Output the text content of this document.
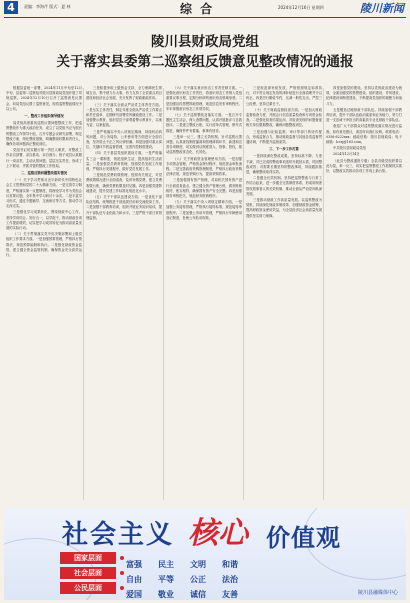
4	责编：李海芹 版式：夏 林	综 合	2024年12月16日 星期四	陵川新闻
陵川县财政局党组
关于落实县委第二巡察组反馈意见整改情况的通报

根据县委统一部署，2024年11月中旬至12月中旬，县委第二巡察组对陵川县财政局党组开展了常规巡察。2024年12月10日召开了巡察意见反馈会，向局党组反馈了巡察意见。现将巡察整改情况予以公布。

一、整改工作组织领导情况

局党组高度重视巡察反馈问题整改工作，把巡察整改作为重大政治任务，成立了以党组书记为组长的整改工作领导小组，召开专题会议研究部署，制定整改方案，细化整改措施，明确整改时限和责任人，确保各项问题真正整改到位。

党组书记切实履行第一责任人职责，对整改工作亲自部署、亲自推动、亲自督办；班子成员认真履行一岗双责，主动认领问题，层层压实责任，形成了上下联动、齐抓共管的整改工作格局。

二、巡察反馈问题整改落实情况

（一）关于学习贯彻习近平新时代中国特色社会主义思想和党的二十大精神方面。一是完善学习制度，严格落实第一议题制度，将理论学习作为党组会议首要议题，全年集中学习研讨十余次。二是丰富学习形式，通过专题辅导、交流研讨等方式，推动学习走深走实。

三是强化学习成果转化，围绕财政中心工作，坚持学用结合、知行合一，以学促干，推动财政各项工作提质增效，切实把学习成效转化为推动高质量发展的实际行动。

（二）关于贯彻落实党中央决策部署和上级党组织工作要求方面。一是加强预算管理，严格执行预算法，规范预算编制和执行。二是强化财政资金监管，建立健全资金监管机制，确保资金安全高效运行。

三是积极争取上级资金支持，全力保障民生领域支出，集中财力办大事，有力支持了全县重点项目建设和经济社会发展，充分发挥了财政职能作用。

（三）关于落实全面从严治党主体责任方面。一是压实主体责任，制定年度全面从严治党工作要点和责任清单，定期研究部署党风廉政建设工作。二是加强警示教育，组织党员干部观看警示教育片，以案为鉴、以案促改。

三是严格落实中央八项规定精神，持续纠治四风问题，对公务接待、公车使用等方面进行全面自查，坚决防止不正之风反弹回潮。四是加强对重点岗位、关键环节的监督管理，完善内控制度建设。

（四）关于基层党组织建设方面。一是严格落实三会一课制度，规范组织生活，提高组织生活质量。二是加强党员教育管理，按照党员发展工作细则，严格执行发展程序，做好党员发展工作。

三是规范党费收缴管理，按照有关规定，对党费收缴情况进行全面清查，及时补缴党费，建立党费收缴台账，确保党费收缴及时足额。四是加强党建阵地建设，提升党建工作标准化规范化水平。

（五）关于干部队伍建设方面。一是优化干部队伍结构，统筹推进干部选拔任用和交流轮岗工作。二是加强干部教育培训，组织开展业务知识培训，提升干部队伍专业化能力和水平。三是严格干部日常管理监督。

（六）关于落实意识形态工作责任制方面。一是强化意识形态工作责任，将意识形态工作纳入党组重要议事日程，定期分析研判意识形态领域形势。二是加强宣传思想阵地管理，规范信息发布审核程序，牢牢掌握意识形态工作领导权。

（七）关于巡察整改及落实方面。一是召开专题民主生活会，深入查摆问题，认真开展批评与自我批评。二是建立整改台账，实行清单式管理、销号式推进，确保件件有着落、事事有回音。

三是举一反三，建立长效机制。针对巡察反馈问题，认真查找制度漏洞和管理薄弱环节，新建和完善各项制度，切实做到以制度管人、管事、管权，推动巡察整改常态化、长效化。

（八）关于财政资金管理使用方面。一是加强专项资金管理，严格资金拨付程序，规范资金审批流程。二是完善政府采购管理制度，严格执行政府采购法律法规，规范采购行为，提高采购效率。

三是加强国有资产管理，对局机关国有资产进行全面清查盘点，建立健全资产管理台账，做到账账相符、账实相符，确保国有资产安全完整。四是加强财务审核把关，规范财务报销程序。

（九）关于落实中央八项规定精神方面。一是加强公务接待管理，严格执行接待标准，规范接待审批程序。二是加强公务用车管理，严格执行车辆使用登记制度，杜绝公车私用现象。

三是规范津补贴发放，严格按照规定标准执行，对不符合规定发放的津补贴进行全面清理并予以纠正。四是厉行勤俭节约，压减一般性支出，严控三公经费，坚持过紧日子。

（十）关于财政监督检查方面。一是加大财政监督检查力度，开展会计信息质量检查和专项资金检查。二是强化检查结果运用，对检查发现的问题督促相关单位限期整改，确保问题整改到位。

三是加强与纪检监察、审计等部门的协作配合，形成监督合力，推动财政监督与其他各类监督贯通协调，不断提升监督质效。

三、下一步工作打算

一是持续深化整改成果。坚持标准不降、力度不减，对已完成的整改事项适时开展回头看，巩固整改成效；对需要长期坚持的整改事项，持续跟踪推进，确保整改取得实效。

二是健全长效机制。坚持把巡察整改与日常工作结合起来，进一步健全完善制度体系，形成用制度管权管事管人的长效机制，推动全面从严治党向纵深发展。

三是推动财政工作高质量发展。以巡察整改为契机，持续深化财政体制改革，加强财政资金统筹，提高财政资金使用效益，为全县经济社会高质量发展提供坚实财力保障。

四是加强党的建设。坚持以党的政治建设为统领，全面加强党的思想建设、组织建设、作风建设、纪律建设和制度建设，不断提高党组织的凝聚力和战斗力。

五是锻造过硬财政干部队伍。持续加强干部教育培训，提升干部队伍政治素质和业务能力，努力打造一支忠诚干净担当的高素质专业化财政干部队伍。

欢迎广大干部群众对巡察整改落实情况进行监督。如有意见建议，请及时向我们反映。联系电话：0356-6222xxx；邮政信箱：陵川县财政局；电子邮箱：lcczj@163.com。

中共陵川县财政局党组

2024年12月14日

（此页为整改通报专版）全县各级党组织要以此为鉴，举一反三，切实把巡察整改工作抓紧抓实抓好，以整改实效推动各项工作再上新台阶。

社会主义 核心 价值观
国家层面
富强 民主 文明 和谐
社会层面
自由 平等 公正 法治
公民层面
爱国 敬业 诚信 友善	陵川县融媒体中心
